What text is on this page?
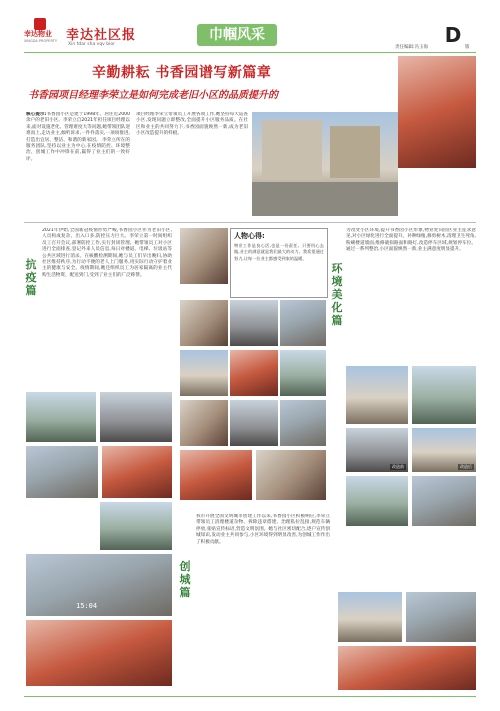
幸达物业
XINGDA PROPERTY 幸达社区报
Xin tdar sha vqv bior
巾帼风采
责任编辑:冯玉海
D
版
辛勤耕耘 书香园谱写新篇章
书香园项目经理李荣立是如何完成老旧小区的品质提升的
核心提示:书香园小区是建于1998年、居住近2000余户的老旧小区。李荣立自2021年担任项目经理以来,面对设施老化、管理难度大等问题,她带领团队迎难而上,走访业主,倾听诉求,一件件落实,一项项推进,打造出宜居、整洁、和谐的新家园。 李荣立所在的服务团队,坚持以业主为中心,在疫情防控、环境整治、创城工作中冲锋在前,赢得了业主们的一致好评。
项目经理李荣立带领员工开展各项工作,她坚持每天巡查小区,发现问题立即整改,全面提升小区服务品质。在社区和业主的共同努力下,书香园面貌焕然一新,成为老旧小区改造提升的样板。
抗疫篇
2021年伊始,全国新冠疫情形势严峻,书香园小区作为老旧小区,人员构成复杂、出入口多,防控压力巨大。李荣立第一时间组织员工召开会议,部署防控工作,实行封闭管理。她带领员工对小区进行全面排查,登记外来人员信息,每日对楼道、电梯、垃圾站等公共区域进行消杀。在核酸检测期间,她与员工们早出晚归,协助社区维持秩序,为行动不便的老人上门服务,用实际行动守护着业主的健康与安全。疫情期间,她还组织员工为居家隔离的业主代购生活物资、配送到门,受到了业主们的广泛称赞。
人物心得:
物业工作是良心活,也是一份责任。只要用心去做,业主的满意就是我们最大的动力。我希望通过努力,让每一位业主都感受到家的温暖。
为改变小区环境,提升书香园小区形象,物业处向园区业主征求意见,对小区绿化进行全面提升。补种绿植,修剪树木,清理卫生死角,粉刷楼道墙面,维修破损路面和路灯,改造停车区域,规划停车位。通过一系列整治,小区面貌焕然一新,业主满意度明显提升。
环境美化篇
15:04
改造前	改造后
创城篇
我市开展全国文明城市创建工作以来,书香园小区积极响应,李荣立带领员工清理楼道杂物、拆除违章搭建、治理私拉乱接,规范车辆停放,张贴宣传标语,营造文明氛围。她与社区密切配合,逐户宣传创城知识,发动业主共同参与,小区环境得到明显改善,为创城工作作出了积极贡献。
